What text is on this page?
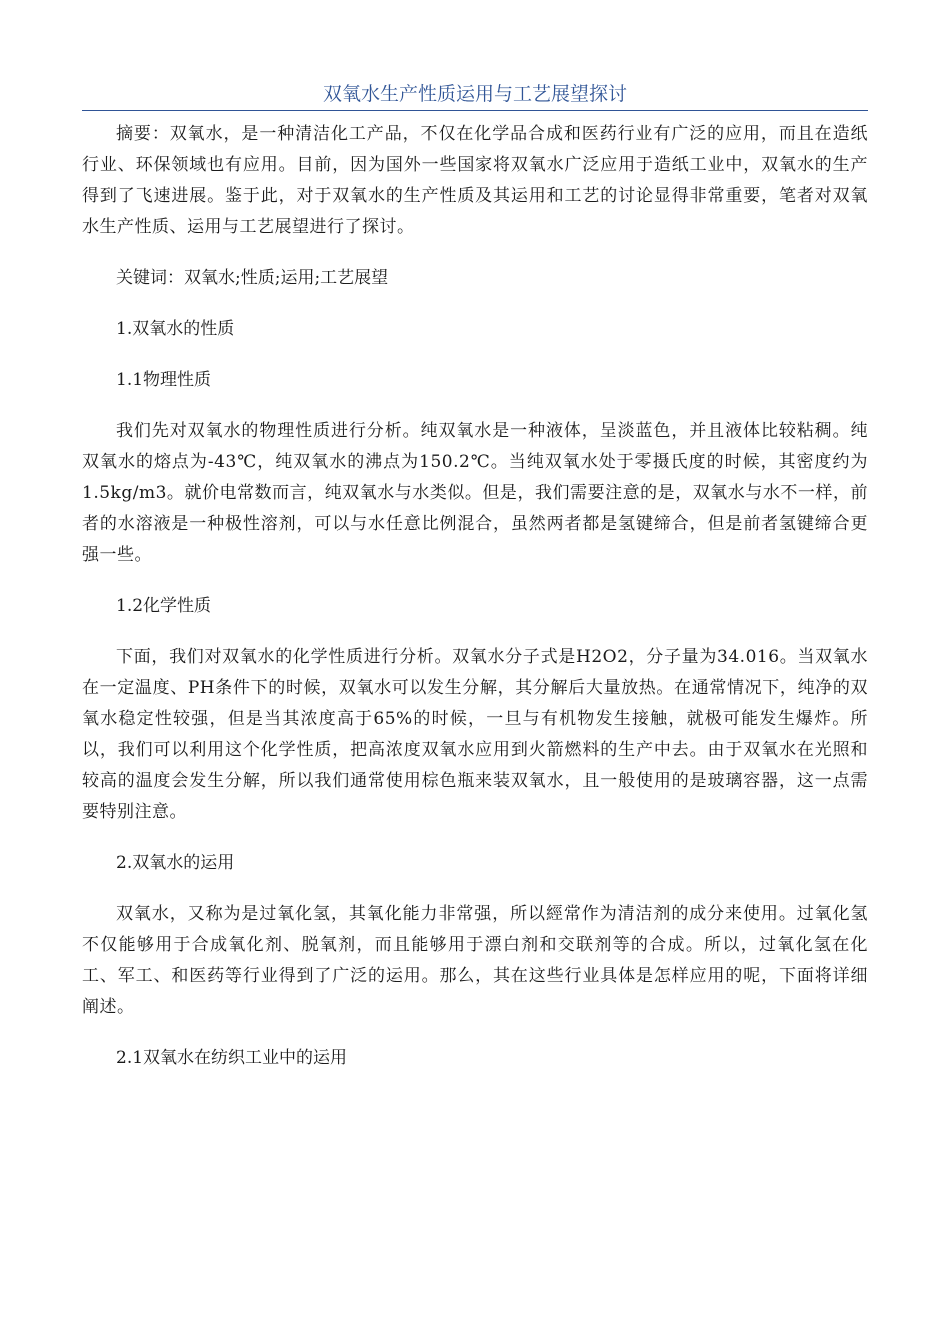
双氧水生产性质运用与工艺展望探讨

摘要：双氧水，是一种清洁化工产品，不仅在化学品合成和医药行业有广泛的应用，而且在造纸行业、环保领域也有应用。目前，因为国外一些国家将双氧水广泛应用于造纸工业中，双氧水的生产得到了飞速进展。鉴于此，对于双氧水的生产性质及其运用和工艺的讨论显得非常重要，笔者对双氧水生产性质、运用与工艺展望进行了探讨。

关键词：双氧水;性质;运用;工艺展望

1.双氧水的性质

1.1物理性质

我们先对双氧水的物理性质进行分析。纯双氧水是一种液体，呈淡蓝色，并且液体比较粘稠。纯双氧水的熔点为-43℃，纯双氧水的沸点为150.2℃。当纯双氧水处于零摄氏度的时候，其密度约为1.5kg/m3。就价电常数而言，纯双氧水与水类似。但是，我们需要注意的是，双氧水与水不一样，前者的水溶液是一种极性溶剂，可以与水任意比例混合，虽然两者都是氢键缔合，但是前者氢键缔合更强一些。

1.2化学性质

下面，我们对双氧水的化学性质进行分析。双氧水分子式是H2O2，分子量为34.016。当双氧水在一定温度、PH条件下的时候，双氧水可以发生分解，其分解后大量放热。在通常情况下，纯净的双氧水稳定性较强，但是当其浓度高于65%的时候，一旦与有机物发生接触，就极可能发生爆炸。所以，我们可以利用这个化学性质，把高浓度双氧水应用到火箭燃料的生产中去。由于双氧水在光照和较高的温度会发生分解，所以我们通常使用棕色瓶来装双氧水，且一般使用的是玻璃容器，这一点需要特别注意。

2.双氧水的运用

双氧水，又称为是过氧化氢，其氧化能力非常强，所以經常作为清洁剂的成分来使用。过氧化氢不仅能够用于合成氧化剂、脱氧剂，而且能够用于漂白剂和交联剂等的合成。所以，过氧化氢在化工、军工、和医药等行业得到了广泛的运用。那么，其在这些行业具体是怎样应用的呢，下面将详细阐述。

2.1双氧水在纺织工业中的运用
